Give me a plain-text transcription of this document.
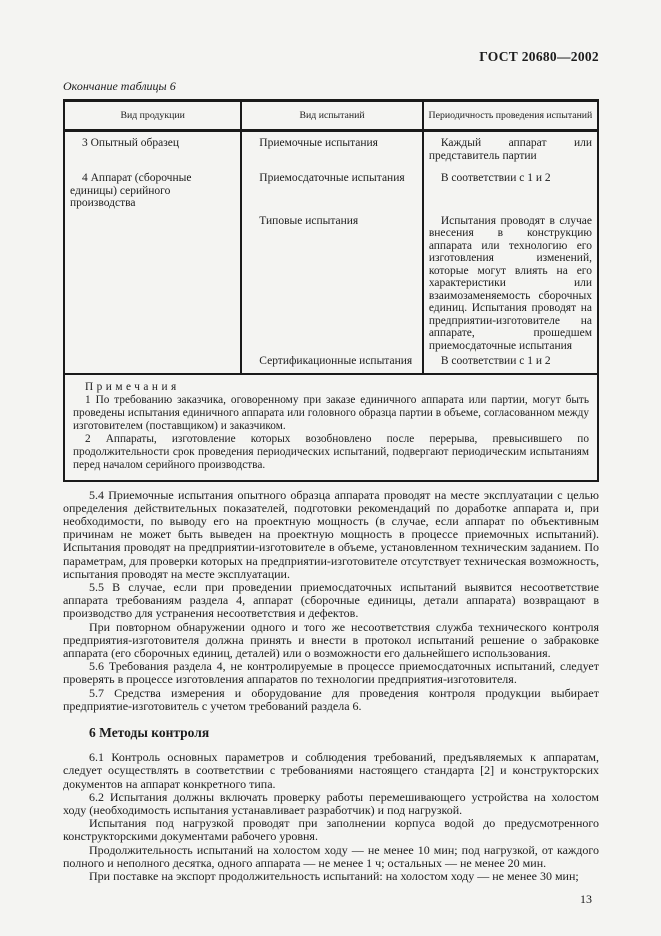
ГОСТ 20680—2002
Окончание таблицы 6
Вид продукции	Вид испытаний	Периодичность проведения испытаний

3 Опытный образец	Приемочные испытания	Каждый аппарат или представитель партии

4 Аппарат (сборочные единицы) серийного производства	Приемосдаточные испытания	В соответствии с 1 и 2

	Типовые испытания	Испытания проводят в случае внесения в конструкцию аппарата или технологию его изготовления изменений, которые могут влиять на его характеристики или взаимозаменяемость сборочных единиц. Испытания проводят на предприятии-изготовителе на аппарате, прошедшем приемосдаточные испытания

	Сертификационные испытания	В соответствии с 1 и 2

Примечания

1 По требованию заказчика, оговоренному при заказе единичного аппарата или партии, могут быть проведены испытания единичного аппарата или головного образца партии в объеме, согласованном между изготовителем (поставщиком) и заказчиком.

2 Аппараты, изготовление которых возобновлено после перерыва, превысившего по продолжительности срок проведения периодических испытаний, подвергают периодическим испытаниям перед началом серийного производства.		

5.4 Приемочные испытания опытного образца аппарата проводят на месте эксплуатации с целью определения действительных показателей, подготовки рекомендаций по доработке аппарата и, при необходимости, по выводу его на проектную мощность (в случае, если аппарат по объективным причинам не может быть выведен на проектную мощность в процессе приемочных испытаний). Испытания проводят на предприятии-изготовителе в объеме, установленном техническим заданием. По параметрам, для проверки которых на предприятии-изготовителе отсутствует техническая возможность, испытания проводят на месте эксплуатации.

5.5 В случае, если при проведении приемосдаточных испытаний выявится несоответствие аппарата требованиям раздела 4, аппарат (сборочные единицы, детали аппарата) возвращают в производство для устранения несоответствия и дефектов.

При повторном обнаружении одного и того же несоответствия служба технического контроля предприятия-изготовителя должна принять и внести в протокол испытаний решение о забраковке аппарата (его сборочных единиц, деталей) или о возможности его дальнейшего использования.

5.6 Требования раздела 4, не контролируемые в процессе приемосдаточных испытаний, следует проверять в процессе изготовления аппаратов по технологии предприятия-изготовителя.

5.7 Средства измерения и оборудование для проведения контроля продукции выбирает предприятие-изготовитель с учетом требований раздела 6.

6 Методы контроля

6.1 Контроль основных параметров и соблюдения требований, предъявляемых к аппаратам, следует осуществлять в соответствии с требованиями настоящего стандарта [2] и конструкторских документов на аппарат конкретного типа.

6.2 Испытания должны включать проверку работы перемешивающего устройства на холостом ходу (необходимость испытания устанавливает разработчик) и под нагрузкой.

Испытания под нагрузкой проводят при заполнении корпуса водой до предусмотренного конструкторскими документами рабочего уровня.

Продолжительность испытаний на холостом ходу — не менее 10 мин; под нагрузкой, от каждого полного и неполного десятка, одного аппарата — не менее 1 ч; остальных — не менее 20 мин.

При поставке на экспорт продолжительность испытаний: на холостом ходу — не менее 30 мин;

13
